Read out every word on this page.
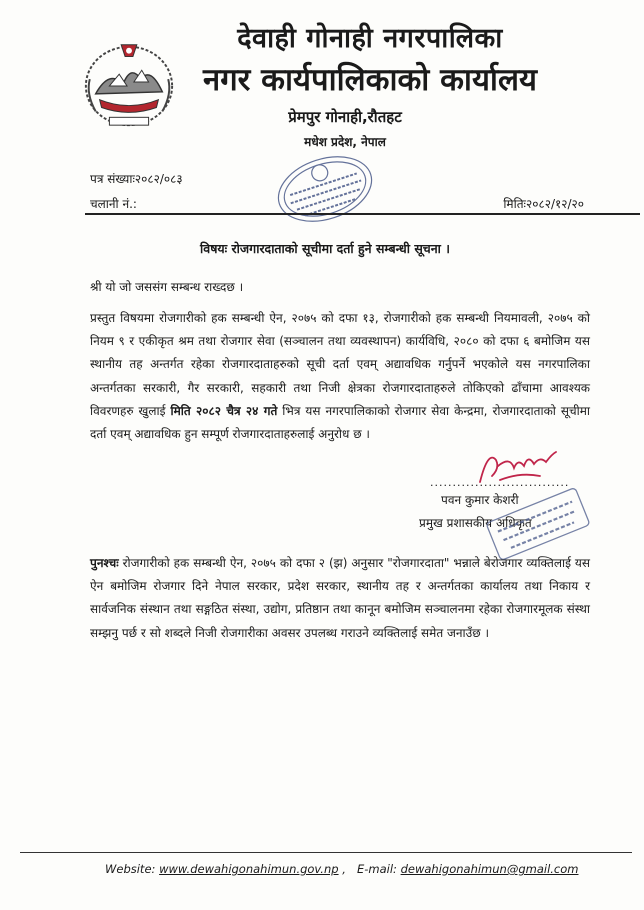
देवाही गोनाही नगरपालिका
नगर कार्यपालिकाको कार्यालय
प्रेमपुर गोनाही,रौतहट
मधेश प्रदेश, नेपाल
पत्र संख्याः२०८२/०८३
चलानी नं.:	मितिः२०८२/१२/२०
विषयः रोजगारदाताको सूचीमा दर्ता हुने सम्बन्धी सूचना ।
श्री यो जो जससंग सम्बन्ध राख्दछ ।
प्रस्तुत विषयमा रोजगारीको हक सम्बन्धी ऐन, २०७५ को दफा १३, रोजगारीको हक सम्बन्धी नियमावली, २०७५ को नियम ९ र एकीकृत श्रम तथा रोजगार सेवा (सञ्चालन तथा व्यवस्थापन) कार्यविधि, २०८० को दफा ६ बमोजिम यस स्थानीय तह अन्तर्गत रहेका रोजगारदाताहरुको सूची दर्ता एवम् अद्यावधिक गर्नुपर्ने भएकोले यस नगरपालिका अन्तर्गतका सरकारी, गैर सरकारी, सहकारी तथा निजी क्षेत्रका रोजगारदाताहरुले तोकिएको ढाँचामा आवश्यक विवरणहरु खुलाई मिति २०८२ चैत्र २४ गते भित्र यस नगरपालिकाको रोजगार सेवा केन्द्रमा, रोजगारदाताको सूचीमा दर्ता एवम् अद्यावधिक हुन सम्पूर्ण रोजगारदाताहरुलाई अनुरोध छ ।
...............................
पवन कुमार केशरी
प्रमुख प्रशासकीय अधिकृत
पुनश्चः रोजगारीको हक सम्बन्धी ऐन, २०७५ को दफा २ (झ) अनुसार "रोजगारदाता" भन्नाले बेरोजगार व्यक्तिलाई यस ऐन बमोजिम रोजगार दिने नेपाल सरकार, प्रदेश सरकार, स्थानीय तह र अन्तर्गतका कार्यालय तथा निकाय र सार्वजनिक संस्थान तथा सङ्गठित संस्था, उद्योग, प्रतिष्ठान तथा कानून बमोजिम सञ्चालनमा रहेका रोजगारमूलक संस्था सम्झनु पर्छ र सो शब्दले निजी रोजगारीका अवसर उपलब्ध गराउने व्यक्तिलाई समेत जनाउँछ ।
Website: www.dewahigonahimun.gov.np , E-mail: dewahigonahimun@gmail.com
